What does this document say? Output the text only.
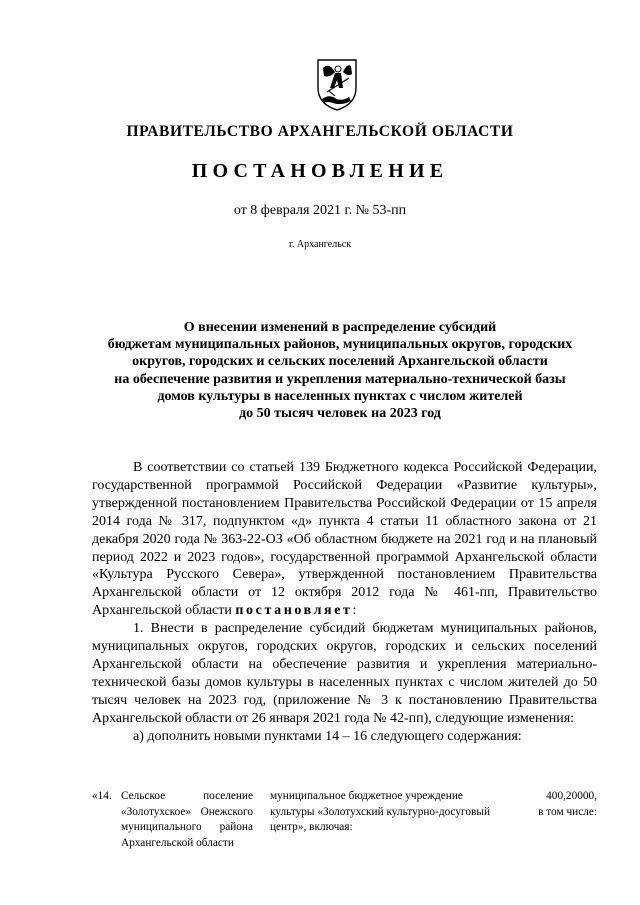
ПРАВИТЕЛЬСТВО АРХАНГЕЛЬСКОЙ ОБЛАСТИ
ПОСТАНОВЛЕНИЕ
от 8 февраля 2021 г. № 53-пп
г. Архангельск
О внесении изменений в распределение субсидий
бюджетам муниципальных районов, муниципальных округов, городских
округов, городских и сельских поселений Архангельской области
на обеспечение развития и укрепления материально-технической базы
домов культуры в населенных пунктах с числом жителей
до 50 тысяч человек на 2023 год

В соответствии со статьей 139 Бюджетного кодекса Российской Федерации, государственной программой Российской Федерации «Развитие культуры», утвержденной постановлением Правительства Российской Федерации от 15 апреля 2014 года № 317, подпунктом «д» пункта 4 статьи 11 областного закона от 21 декабря 2020 года № 363-22-ОЗ «Об областном бюджете на 2021 год и на плановый период 2022 и 2023 годов», государственной программой Архангельской области «Культура Русского Севера», утвержденной постановлением Правительства Архангельской области от 12 октября 2012 года № 461-пп, Правительство Архангельской области постановляет:

1. Внести в распределение субсидий бюджетам муниципальных районов, муниципальных округов, городских округов, городских и сельских поселений Архангельской области на обеспечение развития и укрепления материально-технической базы домов культуры в населенных пунктах с числом жителей до 50 тысяч человек на 2023 год, (приложение № 3 к постановлению Правительства Архангельской области от 26 января 2021 года № 42-пп), следующие изменения:

а) дополнить новыми пунктами 14 – 16 следующего содержания:

«14. Сельское поселение «Золотухское» Онежского муниципального района Архангельской области
муниципальное бюджетное учреждение культуры «Золотухский культурно-досуговый центр», включая:
400,20000,
в том числе:
